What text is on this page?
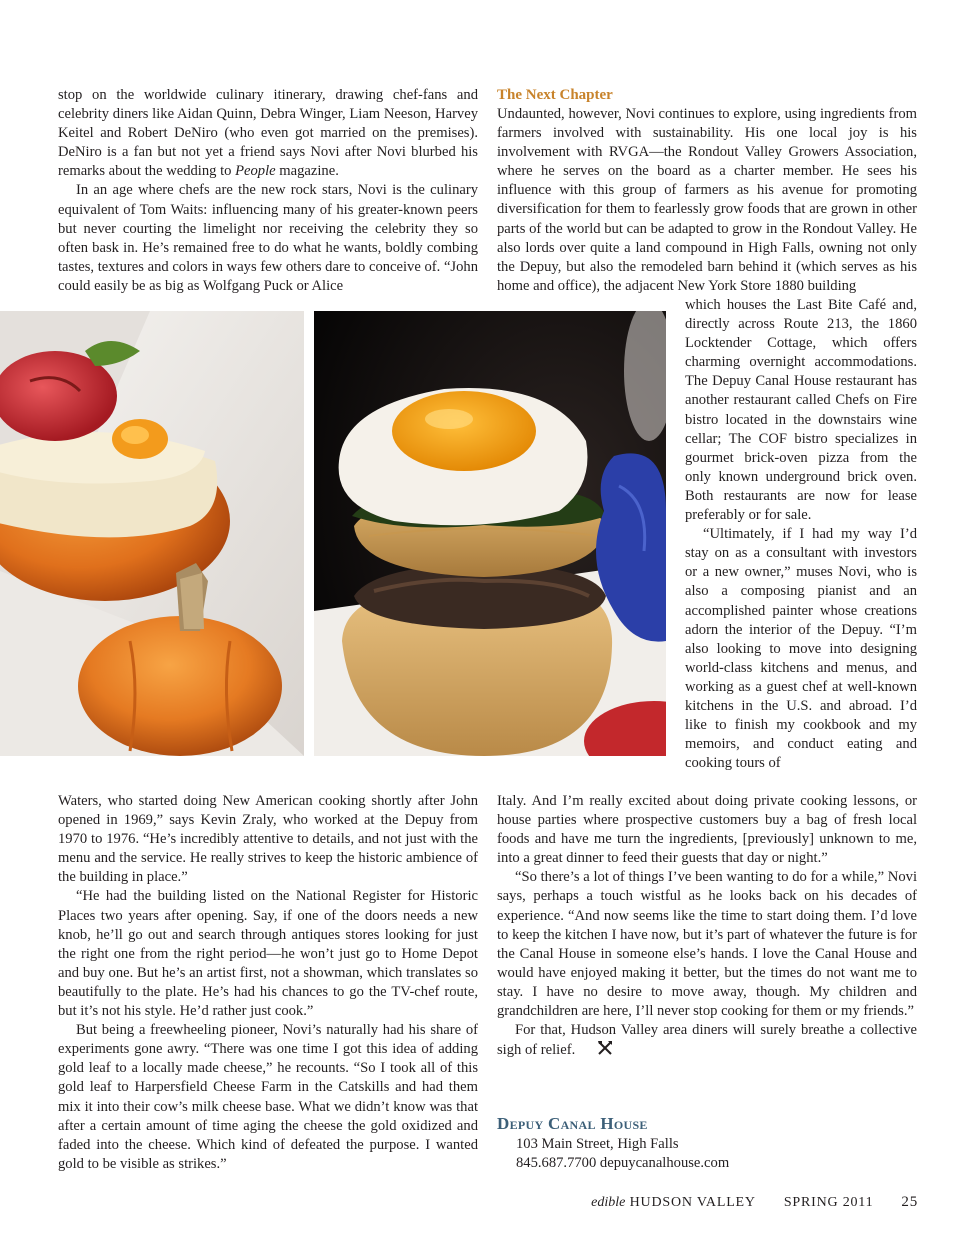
stop on the worldwide culinary itinerary, drawing chef-fans and celebrity diners like Aidan Quinn, Debra Winger, Liam Neeson, Harvey Keitel and Robert DeNiro (who even got married on the premises). DeNiro is a fan but not yet a friend says Novi after Novi blurbed his remarks about the wedding to People magazine.

In an age where chefs are the new rock stars, Novi is the culinary equivalent of Tom Waits: influencing many of his greater-known peers but never courting the limelight nor receiving the celebrity they so often bask in. He’s remained free to do what he wants, boldly combing tastes, textures and colors in ways few others dare to conceive of. “John could easily be as big as Wolfgang Puck or Alice

The Next Chapter

Undaunted, however, Novi continues to explore, using ingredients from farmers involved with sustainability. His one local joy is his involvement with RVGA—the Rondout Valley Growers Association, where he serves on the board as a charter member. He sees his influence with this group of farmers as his avenue for promoting diversification for them to fearlessly grow foods that are grown in other parts of the world but can be adapted to grow in the Rondout Valley. He also lords over quite a land compound in High Falls, owning not only the Depuy, but also the remodeled barn behind it (which serves as his home and office), the adjacent New York Store 1880 building

which houses the Last Bite Café and, directly across Route 213, the 1860 Locktender Cottage, which offers charming overnight accommodations. The Depuy Canal House restaurant has another restaurant called Chefs on Fire bistro located in the downstairs wine cellar; The COF bistro specializes in gourmet brick-oven pizza from the only known underground brick oven. Both restaurants are now for lease preferably or for sale.

“Ultimately, if I had my way I’d stay on as a consultant with investors or a new owner,” muses Novi, who is also a composing pianist and an accomplished painter whose creations adorn the interior of the Depuy. “I’m also looking to move into designing world-class kitchens and menus, and working as a guest chef at well-known kitchens in the U.S. and abroad. I’d like to finish my cookbook and my memoirs, and conduct eating and cooking tours of

Waters, who started doing New American cooking shortly after John opened in 1969,” says Kevin Zraly, who worked at the Depuy from 1970 to 1976. “He’s incredibly attentive to details, and not just with the menu and the service. He really strives to keep the historic ambience of the building in place.”

“He had the building listed on the National Register for Historic Places two years after opening. Say, if one of the doors needs a new knob, he’ll go out and search through antiques stores looking for just the right one from the right period—he won’t just go to Home Depot and buy one. But he’s an artist first, not a showman, which translates so beautifully to the plate. He’s had his chances to go the TV-chef route, but it’s not his style. He’d rather just cook.”

But being a freewheeling pioneer, Novi’s naturally had his share of experiments gone awry. “There was one time I got this idea of adding gold leaf to a locally made cheese,” he recounts. “So I took all of this gold leaf to Harpersfield Cheese Farm in the Catskills and had them mix it into their cow’s milk cheese base. What we didn’t know was that after a certain amount of time aging the cheese the gold oxidized and faded into the cheese. Which kind of defeated the purpose. I wanted gold to be visible as strikes.”

Italy. And I’m really excited about doing private cooking lessons, or house parties where prospective customers buy a bag of fresh local foods and have me turn the ingredients, [previously] unknown to me, into a great dinner to feed their guests that day or night.”

“So there’s a lot of things I’ve been wanting to do for a while,” Novi says, perhaps a touch wistful as he looks back on his decades of experience. “And now seems like the time to start doing them. I’d love to keep the kitchen I have now, but it’s part of whatever the future is for the Canal House in someone else’s hands. I love the Canal House and would have enjoyed making it better, but the times do not want me to stay. I have no desire to move away, though. My children and grandchildren are here, I’ll never stop cooking for them or my friends.”

For that, Hudson Valley area diners will surely breathe a collective sigh of relief.

Depuy Canal House
103 Main Street, High Falls
845.687.7700 depuycanalhouse.com
edible HUDSON VALLEY SPRING 2011 25
